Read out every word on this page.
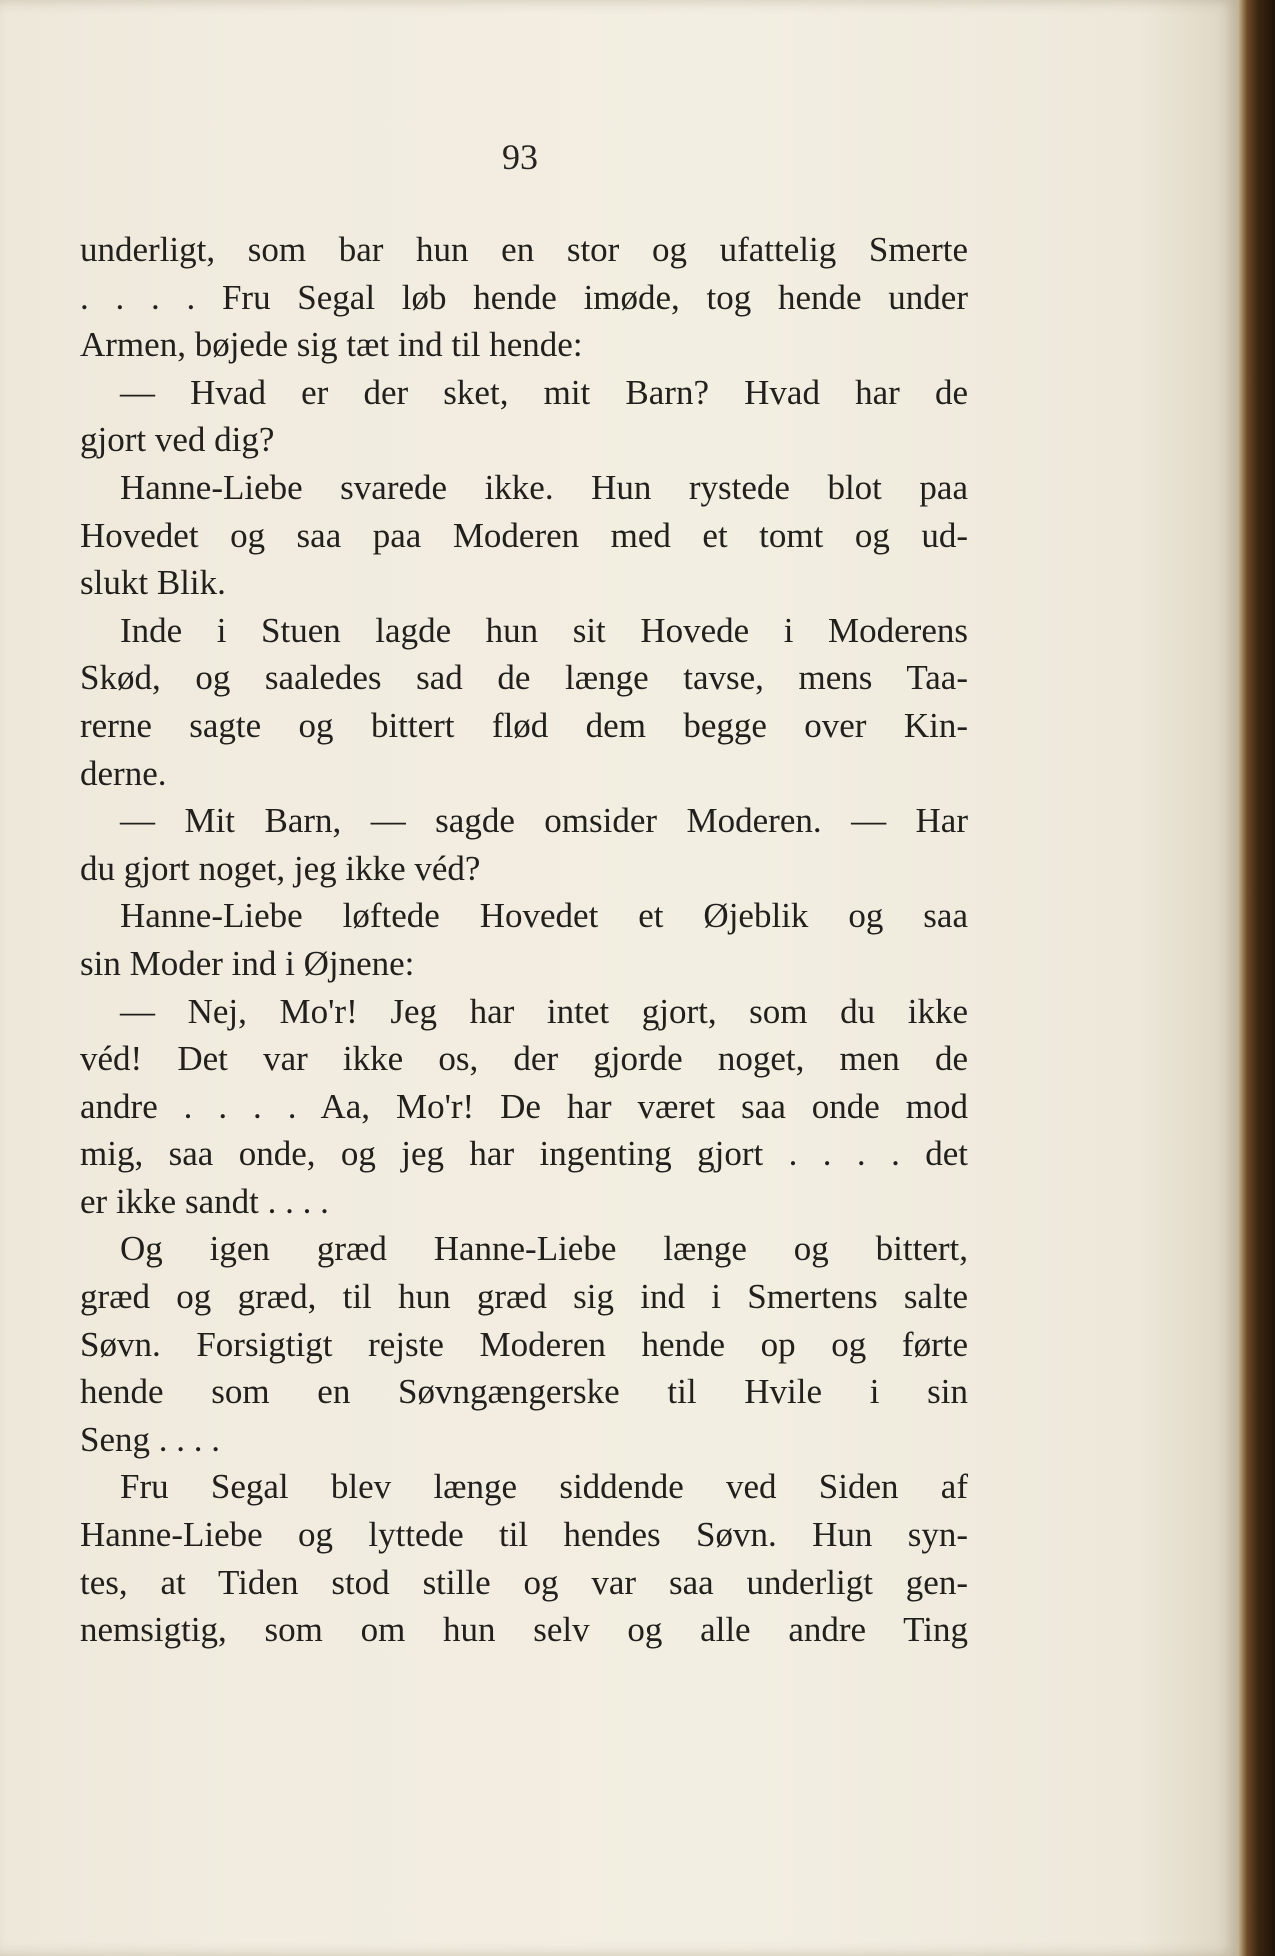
93
underligt, som bar hun en stor og ufattelig Smerte
. . . . Fru Segal løb hende imøde, tog hende under
Armen, bøjede sig tæt ind til hende:
— Hvad er der sket, mit Barn? Hvad har de
gjort ved dig?
Hanne-Liebe svarede ikke. Hun rystede blot paa
Hovedet og saa paa Moderen med et tomt og ud-
slukt Blik.
Inde i Stuen lagde hun sit Hovede i Moderens
Skød, og saaledes sad de længe tavse, mens Taa-
rerne sagte og bittert flød dem begge over Kin-
derne.
— Mit Barn, — sagde omsider Moderen. — Har
du gjort noget, jeg ikke véd?
Hanne-Liebe løftede Hovedet et Øjeblik og saa
sin Moder ind i Øjnene:
— Nej, Mo'r! Jeg har intet gjort, som du ikke
véd! Det var ikke os, der gjorde noget, men de
andre . . . . Aa, Mo'r! De har været saa onde mod
mig, saa onde, og jeg har ingenting gjort . . . . det
er ikke sandt . . . .
Og igen græd Hanne-Liebe længe og bittert,
græd og græd, til hun græd sig ind i Smertens salte
Søvn. Forsigtigt rejste Moderen hende op og førte
hende som en Søvngængerske til Hvile i sin
Seng . . . .
Fru Segal blev længe siddende ved Siden af
Hanne-Liebe og lyttede til hendes Søvn. Hun syn-
tes, at Tiden stod stille og var saa underligt gen-
nemsigtig, som om hun selv og alle andre Ting
